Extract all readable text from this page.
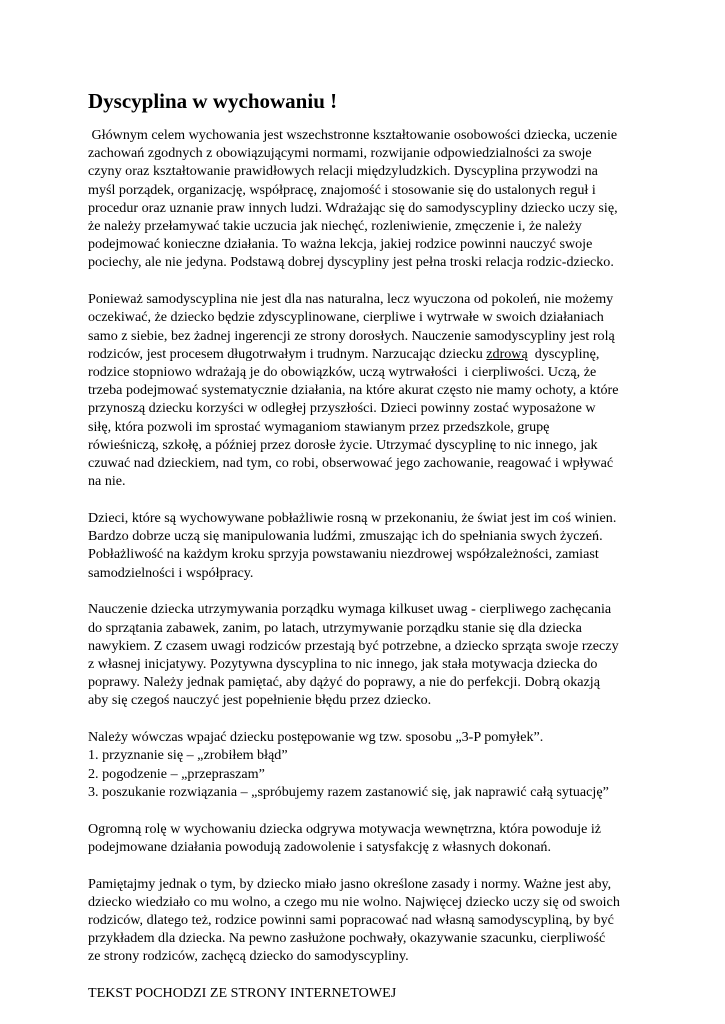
Dyscyplina w wychowaniu !

Głównym celem wychowania jest wszechstronne kształtowanie osobowości dziecka, uczenie
zachowań zgodnych z obowiązującymi normami, rozwijanie odpowiedzialności za swoje
czyny oraz kształtowanie prawidłowych relacji międzyludzkich. Dyscyplina przywodzi na
myśl porządek, organizację, współpracę, znajomość i stosowanie się do ustalonych reguł i
procedur oraz uznanie praw innych ludzi. Wdrażając się do samodyscypliny dziecko uczy się,
że należy przełamywać takie uczucia jak niechęć, rozleniwienie, zmęczenie i, że należy
podejmować konieczne działania. To ważna lekcja, jakiej rodzice powinni nauczyć swoje
pociechy, ale nie jedyna. Podstawą dobrej dyscypliny jest pełna troski relacja rodzic-dziecko.

Ponieważ samodyscyplina nie jest dla nas naturalna, lecz wyuczona od pokoleń, nie możemy
oczekiwać, że dziecko będzie zdyscyplinowane, cierpliwe i wytrwałe w swoich działaniach
samo z siebie, bez żadnej ingerencji ze strony dorosłych. Nauczenie samodyscypliny jest rolą
rodziców, jest procesem długotrwałym i trudnym. Narzucając dziecku zdrową  dyscyplinę,
rodzice stopniowo wdrażają je do obowiązków, uczą wytrwałości  i cierpliwości. Uczą, że
trzeba podejmować systematycznie działania, na które akurat często nie mamy ochoty, a które
przynoszą dziecku korzyści w odległej przyszłości. Dzieci powinny zostać wyposażone w
siłę, która pozwoli im sprostać wymaganiom stawianym przez przedszkole, grupę
rówieśniczą, szkołę, a później przez dorosłe życie. Utrzymać dyscyplinę to nic innego, jak
czuwać nad dzieckiem, nad tym, co robi, obserwować jego zachowanie, reagować i wpływać
na nie.

Dzieci, które są wychowywane pobłażliwie rosną w przekonaniu, że świat jest im coś winien.
Bardzo dobrze uczą się manipulowania ludźmi, zmuszając ich do spełniania swych życzeń.
Pobłażliwość na każdym kroku sprzyja powstawaniu niezdrowej współzależności, zamiast
samodzielności i współpracy.

Nauczenie dziecka utrzymywania porządku wymaga kilkuset uwag - cierpliwego zachęcania
do sprzątania zabawek, zanim, po latach, utrzymywanie porządku stanie się dla dziecka
nawykiem. Z czasem uwagi rodziców przestają być potrzebne, a dziecko sprząta swoje rzeczy
z własnej inicjatywy. Pozytywna dyscyplina to nic innego, jak stała motywacja dziecka do
poprawy. Należy jednak pamiętać, aby dążyć do poprawy, a nie do perfekcji. Dobrą okazją
aby się czegoś nauczyć jest popełnienie błędu przez dziecko.

Należy wówczas wpajać dziecku postępowanie wg tzw. sposobu „3-P pomyłek”.
1. przyznanie się – „zrobiłem błąd”
2. pogodzenie – „przepraszam”
3. poszukanie rozwiązania – „spróbujemy razem zastanowić się, jak naprawić całą sytuację”

Ogromną rolę w wychowaniu dziecka odgrywa motywacja wewnętrzna, która powoduje iż
podejmowane działania powodują zadowolenie i satysfakcję z własnych dokonań.

Pamiętajmy jednak o tym, by dziecko miało jasno określone zasady i normy. Ważne jest aby,
dziecko wiedziało co mu wolno, a czego mu nie wolno. Najwięcej dziecko uczy się od swoich
rodziców, dlatego też, rodzice powinni sami popracować nad własną samodyscypliną, by być
przykładem dla dziecka. Na pewno zasłużone pochwały, okazywanie szacunku, cierpliwość
ze strony rodziców, zachęcą dziecko do samodyscypliny.

TEKST POCHODZI ZE STRONY INTERNETOWEJ
